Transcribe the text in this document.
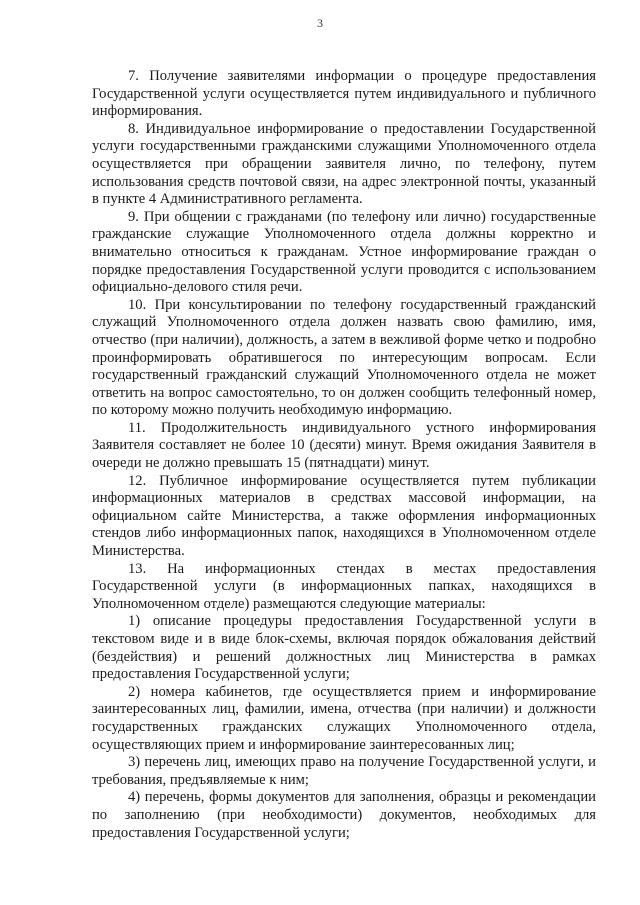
3

7. Получение заявителями информации о процедуре предоставления Государственной услуги осуществляется путем индивидуального и публичного информирования.

8. Индивидуальное информирование о предоставлении Государственной услуги государственными гражданскими служащими Уполномоченного отдела осуществляется при обращении заявителя лично, по телефону, путем использования средств почтовой связи, на адрес электронной почты, указанный в пункте 4 Административного регламента.

9. При общении с гражданами (по телефону или лично) государственные гражданские служащие Уполномоченного отдела должны корректно и внимательно относиться к гражданам. Устное информирование граждан о порядке предоставления Государственной услуги проводится с использованием официально-делового стиля речи.

10. При консультировании по телефону государственный гражданский служащий Уполномоченного отдела должен назвать свою фамилию, имя, отчество (при наличии), должность, а затем в вежливой форме четко и подробно проинформировать обратившегося по интересующим вопросам. Если государственный гражданский служащий Уполномоченного отдела не может ответить на вопрос самостоятельно, то он должен сообщить телефонный номер, по которому можно получить необходимую информацию.

11. Продолжительность индивидуального устного информирования Заявителя составляет не более 10 (десяти) минут. Время ожидания Заявителя в очереди не должно превышать 15 (пятнадцати) минут.

12. Публичное информирование осуществляется путем публикации информационных материалов в средствах массовой информации, на официальном сайте Министерства, а также оформления информационных стендов либо информационных папок, находящихся в Уполномоченном отделе Министерства.

13. На информационных стендах в местах предоставления Государственной услуги (в информационных папках, находящихся в Уполномоченном отделе) размещаются следующие материалы:

1) описание процедуры предоставления Государственной услуги в текстовом виде и в виде блок-схемы, включая порядок обжалования действий (бездействия) и решений должностных лиц Министерства в рамках предоставления Государственной услуги;

2) номера кабинетов, где осуществляется прием и информирование заинтересованных лиц, фамилии, имена, отчества (при наличии) и должности государственных гражданских служащих Уполномоченного отдела, осуществляющих прием и информирование заинтересованных лиц;

3) перечень лиц, имеющих право на получение Государственной услуги, и требования, предъявляемые к ним;

4) перечень, формы документов для заполнения, образцы и рекомендации по заполнению (при необходимости) документов, необходимых для предоставления Государственной услуги;
